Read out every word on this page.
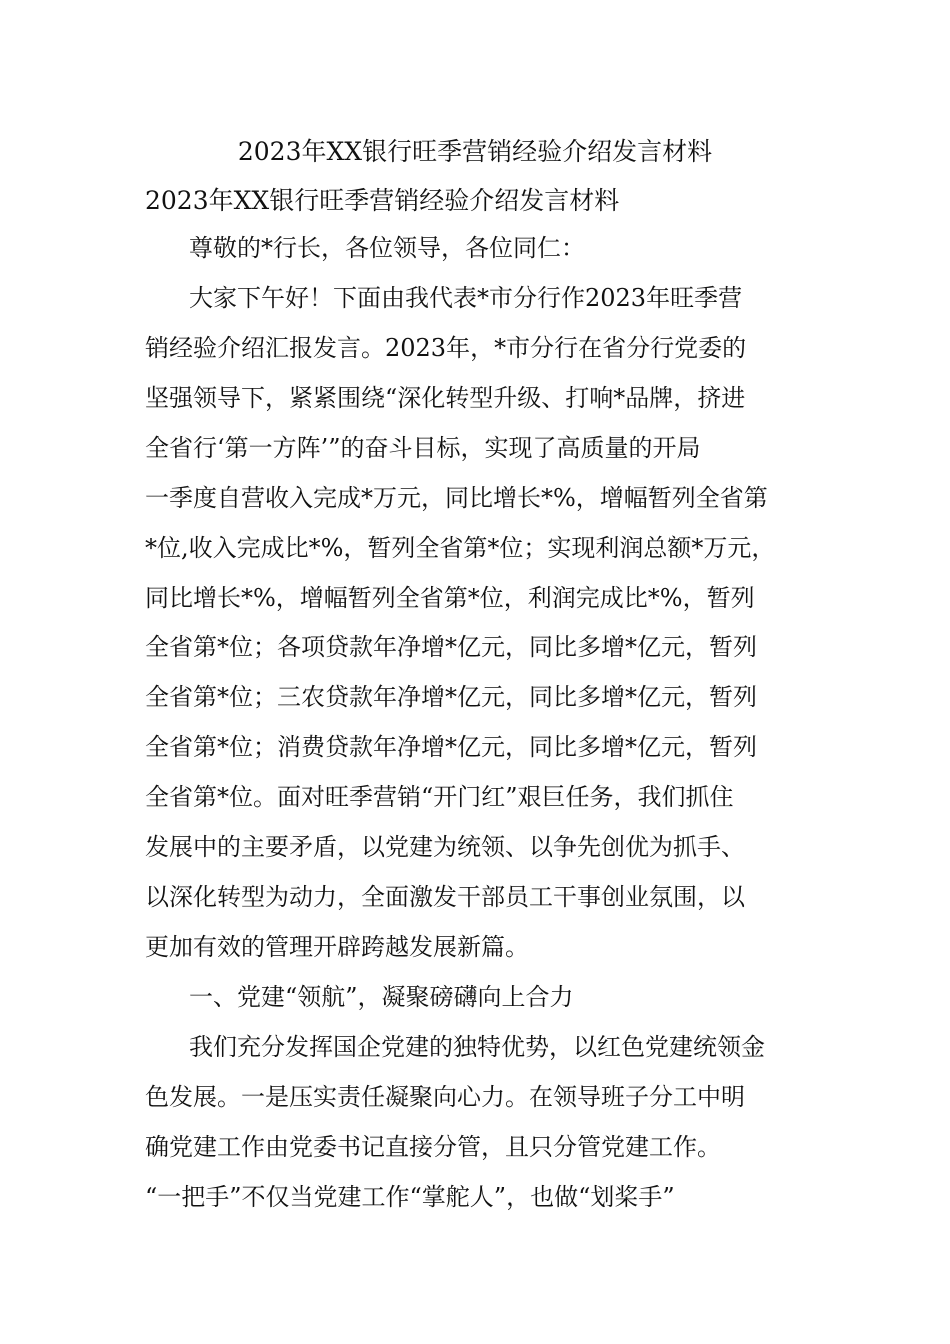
2023年XX银行旺季营销经验介绍发言材料
2023年XX银行旺季营销经验介绍发言材料
尊敬的*行长，各位领导，各位同仁：
大家下午好！下面由我代表*市分行作2023年旺季营
销经验介绍汇报发言。2023年，*市分行在省分行党委的
坚强领导下，紧紧围绕“深化转型升级、打响*品牌，挤进
全省行‘第一方阵’”的奋斗目标，实现了高质量的开局
一季度自营收入完成*万元，同比增长*%，增幅暂列全省第
*位,收入完成比*%，暂列全省第*位；实现利润总额*万元，
同比增长*%，增幅暂列全省第*位，利润完成比*%，暂列
全省第*位；各项贷款年净增*亿元，同比多增*亿元，暂列
全省第*位；三农贷款年净增*亿元，同比多增*亿元，暂列
全省第*位；消费贷款年净增*亿元，同比多增*亿元，暂列
全省第*位。面对旺季营销“开门红”艰巨任务，我们抓住
发展中的主要矛盾，以党建为统领、以争先创优为抓手、
以深化转型为动力，全面激发干部员工干事创业氛围，以
更加有效的管理开辟跨越发展新篇。
一、党建“领航”，凝聚磅礴向上合力
我们充分发挥国企党建的独特优势，以红色党建统领金
色发展。一是压实责任凝聚向心力。在领导班子分工中明
确党建工作由党委书记直接分管，且只分管党建工作。
“一把手”不仅当党建工作“掌舵人”，也做“划桨手”
